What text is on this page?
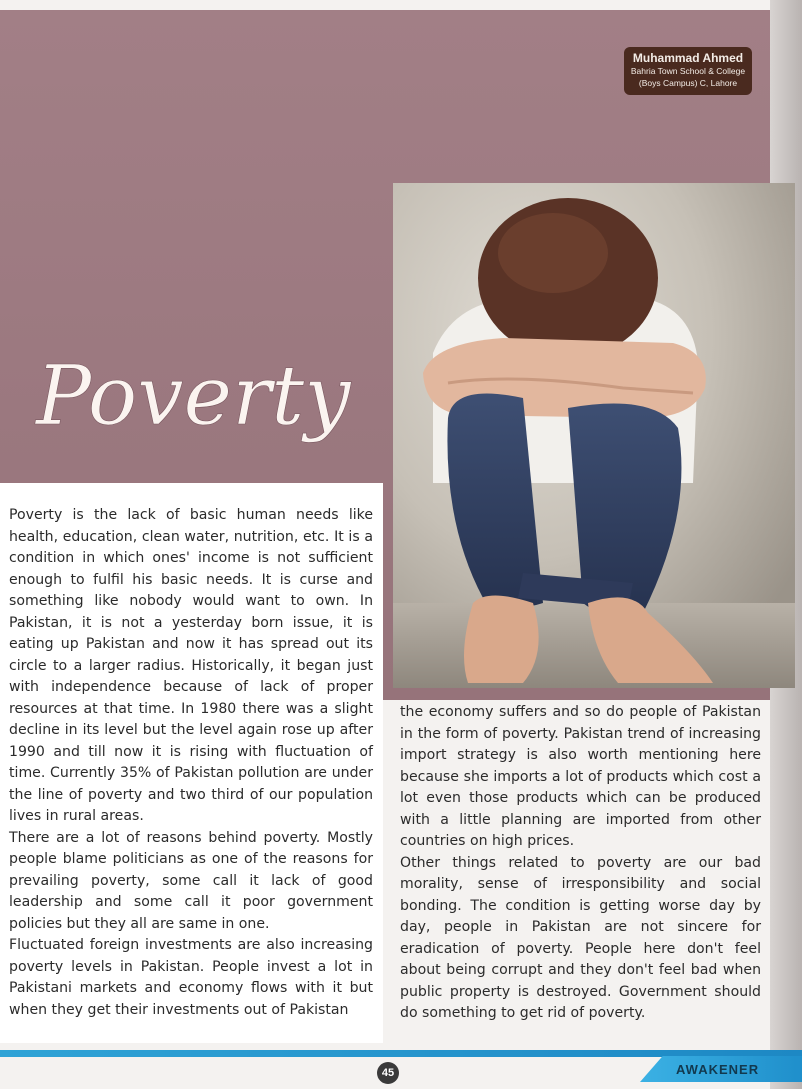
Muhammad Ahmed
Bahria Town School & College
(Boys Campus) C, Lahore
Poverty

Poverty is the lack of basic human needs like health, education, clean water, nutrition, etc. It is a condition in which ones' income is not sufficient enough to fulfil his basic needs. It is curse and something like nobody would want to own. In Pakistan, it is not a yesterday born issue, it is eating up Pakistan and now it has spread out its circle to a larger radius. Historically, it began just with independence because of lack of proper resources at that time. In 1980 there was a slight decline in its level but the level again rose up after 1990 and till now it is rising with fluctuation of time. Currently 35% of Pakistan pollution are under the line of poverty and two third of our population lives in rural areas.

There are a lot of reasons behind poverty. Mostly people blame politicians as one of the reasons for prevailing poverty, some call it lack of good leadership and some call it poor government policies but they all are same in one.

Fluctuated foreign investments are also increasing poverty levels in Pakistan. People invest a lot in Pakistani markets and economy flows with it but when they get their investments out of Pakistan

the economy suffers and so do people of Pakistan in the form of poverty. Pakistan trend of increasing import strategy is also worth mentioning here because she imports a lot of products which cost a lot even those products which can be produced with a little planning are imported from other countries on high prices.

Other things related to poverty are our bad morality, sense of irresponsibility and social bonding. The condition is getting worse day by day, people in Pakistan are not sincere for eradication of poverty. People here don't feel about being corrupt and they don't feel bad when public property is destroyed. Government should do something to get rid of poverty.

AWAKENER
45
